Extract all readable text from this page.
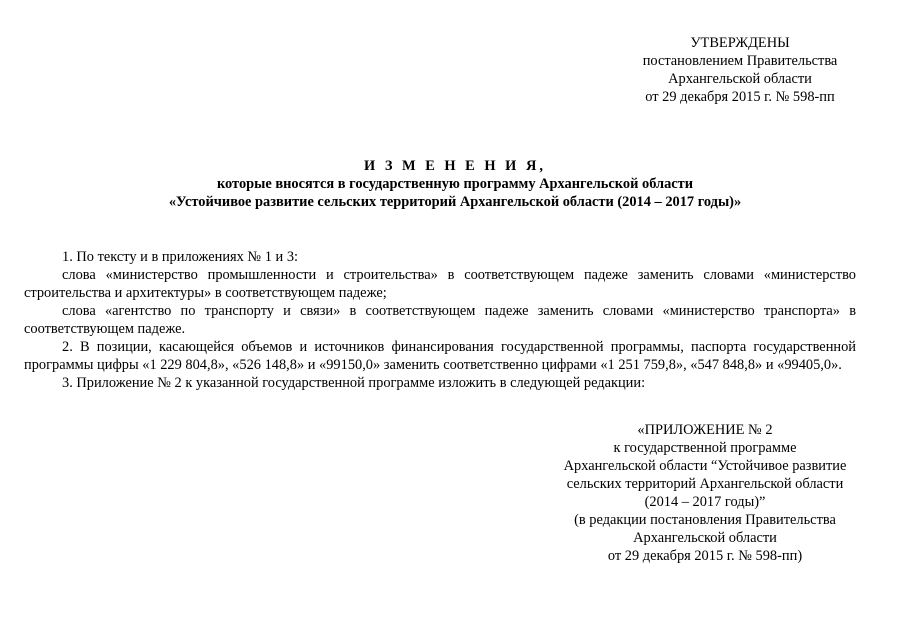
УТВЕРЖДЕНЫ
постановлением Правительства
Архангельской области
от 29 декабря 2015 г. № 598-пп
И З М Е Н Е Н И Я,
которые вносятся в государственную программу Архангельской области
«Устойчивое развитие сельских территорий Архангельской области (2014 – 2017 годы)»

1. По тексту и в приложениях № 1 и 3:

слова «министерство промышленности и строительства» в соответствующем падеже заменить словами «министерство строительства и архитектуры» в соответствующем падеже;

слова «агентство по транспорту и связи» в соответствующем падеже заменить словами «министерство транспорта» в соответствующем падеже.

2. В позиции, касающейся объемов и источников финансирования государственной программы, паспорта государственной программы цифры «1 229 804,8», «526 148,8» и «99150,0» заменить соответственно цифрами «1 251 759,8», «547 848,8» и «99405,0».

3. Приложение № 2 к указанной государственной программе изложить в следующей редакции:

«ПРИЛОЖЕНИЕ № 2
к государственной программе
Архангельской области “Устойчивое развитие
сельских территорий Архангельской области
(2014 – 2017 годы)”
(в редакции постановления Правительства
Архангельской области
от 29 декабря 2015 г. № 598-пп)
